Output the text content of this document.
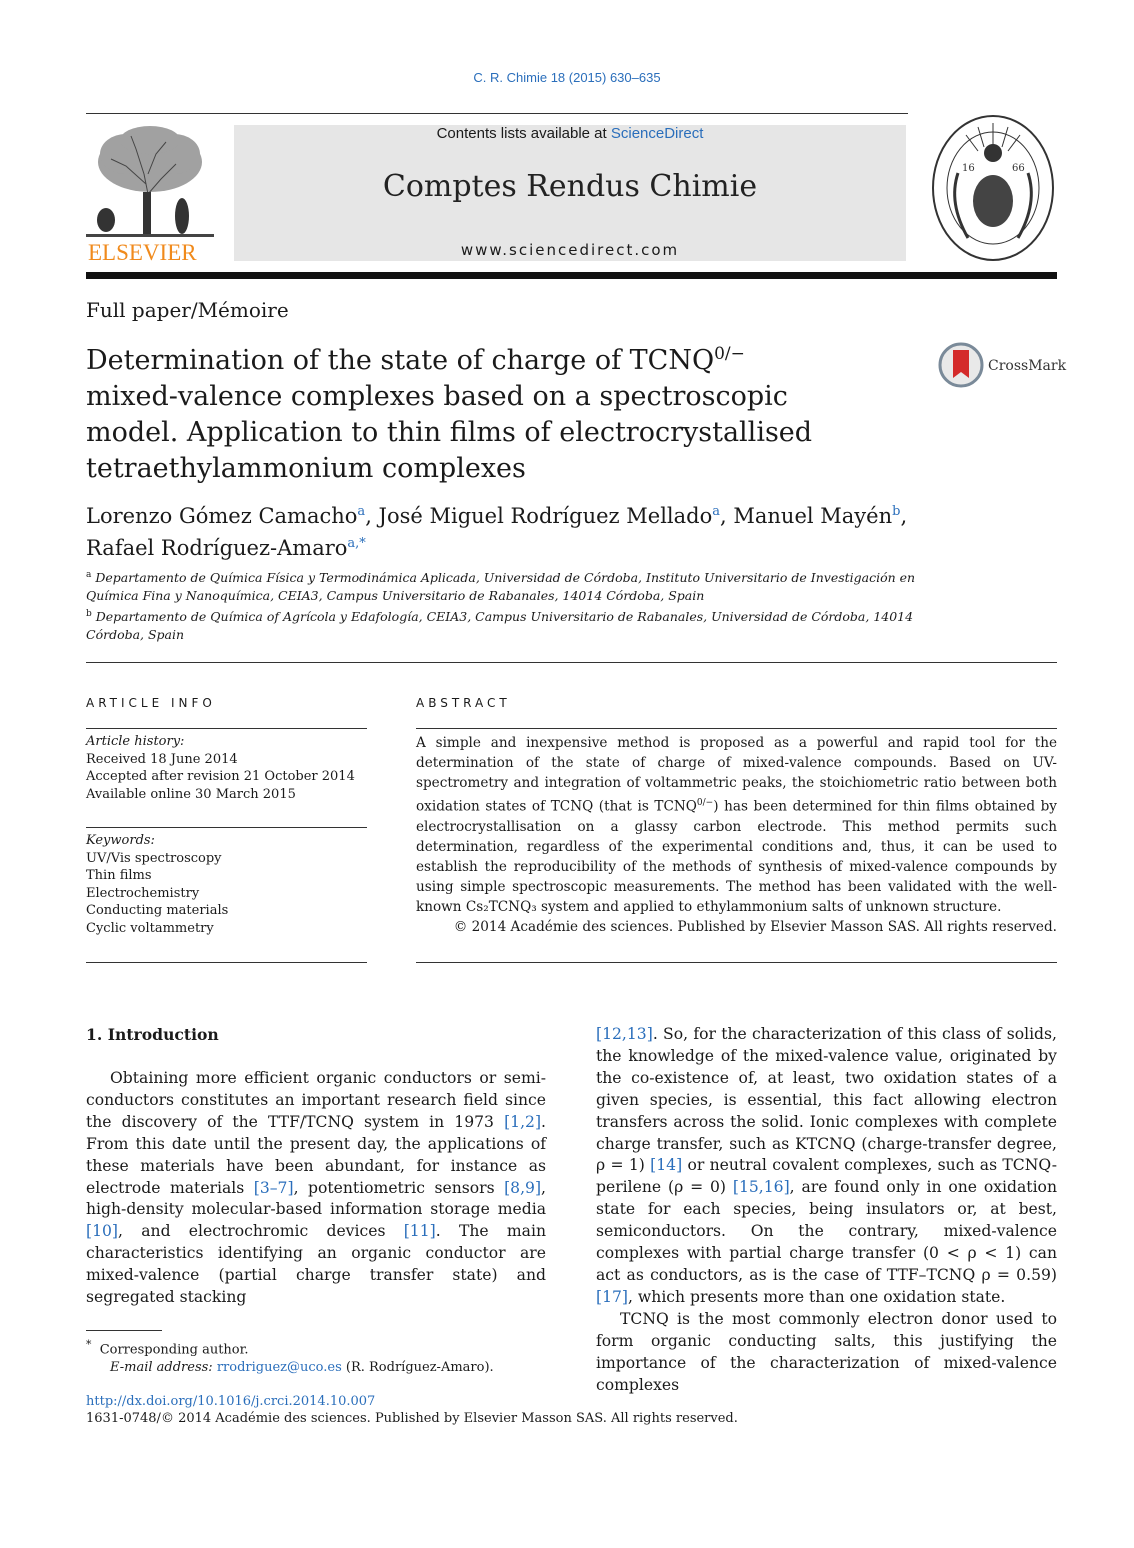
C. R. Chimie 18 (2015) 630–635
ELSEVIER
Contents lists available at ScienceDirect
Comptes Rendus Chimie
www.sciencedirect.com
16	66
Full paper/Mémoire
Determination of the state of charge of $TCNQ^{0/-}$
mixed-valence complexes based on a spectroscopic model. Application to thin films of electrocrystallised tetraethylammonium complexes
CrossMark
Lorenzo Gómez Camacho$^a$, José Miguel Rodríguez Mellado$^a$, Manuel Mayén$^b$,
Rafael Rodríguez-Amaro$^{a,*}$
$^a$ Departamento de Química Física y Termodinámica Aplicada, Universidad de Córdoba, Instituto Universitario de Investigación en Química Fina y Nanoquímica, CEIA3, Campus Universitario de Rabanales, 14014 Córdoba, Spain
$^b$ Departamento de Química of Agrícola y Edafología, CEIA3, Campus Universitario de Rabanales, Universidad de Córdoba, 14014 Córdoba, Spain
ARTICLE INFO
Article history:
Received 18 June 2014
Accepted after revision 21 October 2014
Available online 30 March 2015
Keywords:
UV/Vis spectroscopy
Thin films
Electrochemistry
Conducting materials
Cyclic voltammetry
ABSTRACT
A simple and inexpensive method is proposed as a powerful and rapid tool for the determination of the state of charge of mixed-valence compounds. Based on UV-spectrometry and integration of voltammetric peaks, the stoichiometric ratio between both oxidation states of TCNQ (that is $TCNQ^{0/-}$) has been determined for thin films obtained by electrocrystallisation on a glassy carbon electrode. This method permits such determination, regardless of the experimental conditions and, thus, it can be used to establish the reproducibility of the methods of synthesis of mixed-valence compounds by using simple spectroscopic measurements. The method has been validated with the well-known Cs₂TCNQ₃ system and applied to ethylammonium salts of unknown structure.
© 2014 Académie des sciences. Published by Elsevier Masson SAS. All rights reserved.
1. Introduction

Obtaining more efficient organic conductors or semi-conductors constitutes an important research field since the discovery of the TTF/TCNQ system in 1973 [1,2]. From this date until the present day, the applications of these materials have been abundant, for instance as electrode materials [3–7], potentiometric sensors [8,9], high-density molecular-based information storage media [10], and electrochromic devices [11]. The main characteristics identifying an organic conductor are mixed-valence (partial charge transfer state) and segregated stacking

[12,13]. So, for the characterization of this class of solids, the knowledge of the mixed-valence value, originated by the co-existence of, at least, two oxidation states of a given species, is essential, this fact allowing electron transfers across the solid. Ionic complexes with complete charge transfer, such as KTCNQ (charge-transfer degree, ρ = 1) [14] or neutral covalent complexes, such as TCNQ-perilene (ρ = 0) [15,16], are found only in one oxidation state for each species, being insulators or, at best, semiconductors. On the contrary, mixed-valence complexes with partial charge transfer (0 < ρ < 1) can act as conductors, as is the case of TTF–TCNQ ρ = 0.59) [17], which presents more than one oxidation state.

TCNQ is the most commonly electron donor used to form organic conducting salts, this justifying the importance of the characterization of mixed-valence complexes

* Corresponding author.
E-mail address: rrodriguez@uco.es (R. Rodríguez-Amaro).
http://dx.doi.org/10.1016/j.crci.2014.10.007
1631-0748/© 2014 Académie des sciences. Published by Elsevier Masson SAS. All rights reserved.
